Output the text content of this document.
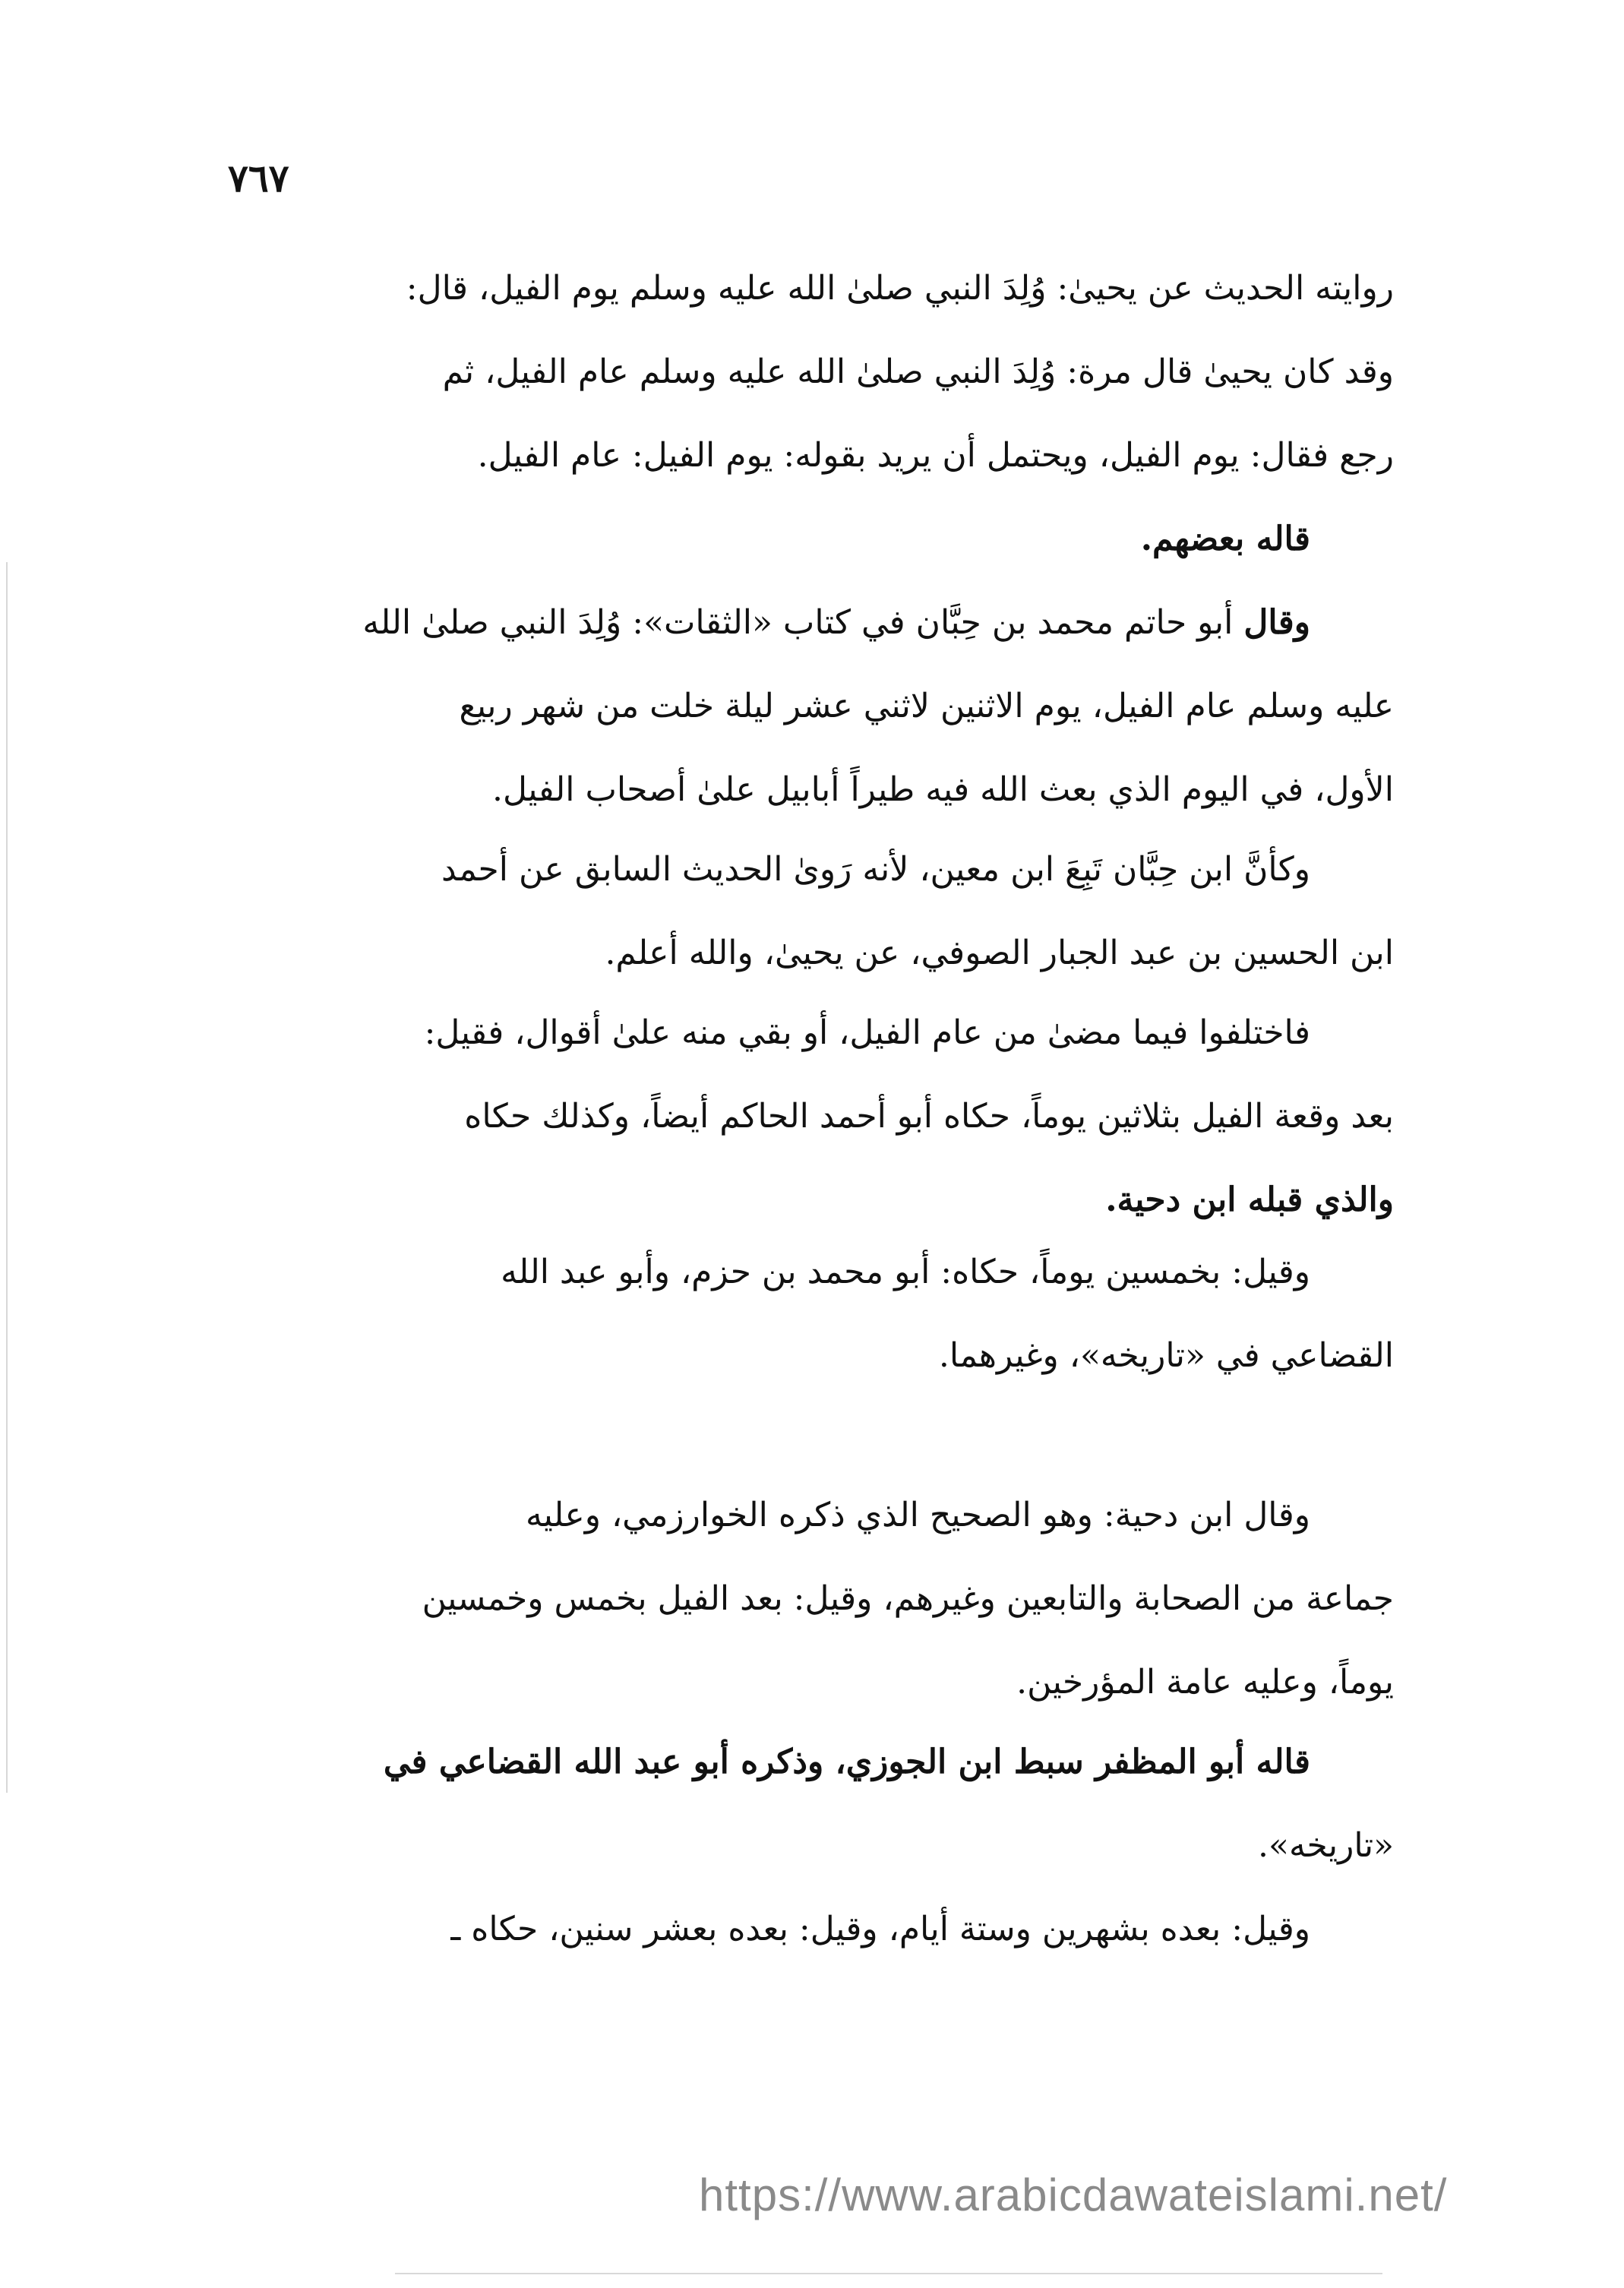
٧٦٧
روايته الحديث عن يحيىٰ: وُلِدَ النبي صلىٰ الله عليه وسلم يوم الفيل، قال:
وقد كان يحيىٰ قال مرة: وُلِدَ النبي صلىٰ الله عليه وسلم عام الفيل، ثم
رجع فقال: يوم الفيل، ويحتمل أن يريد بقوله: يوم الفيل: عام الفيل.
قاله بعضهم.
وقال أبو حاتم محمد بن حِبَّان في كتاب «الثقات»: وُلِدَ النبي صلىٰ الله
عليه وسلم عام الفيل، يوم الاثنين لاثني عشر ليلة خلت من شهر ربيع
الأول، في اليوم الذي بعث الله فيه طيراً أبابيل علىٰ أصحاب الفيل.
وكأنَّ ابن حِبَّان تَبِعَ ابن معين، لأنه رَوىٰ الحديث السابق عن أحمد
ابن الحسين بن عبد الجبار الصوفي، عن يحيىٰ، والله أعلم.
فاختلفوا فيما مضىٰ من عام الفيل، أو بقي منه علىٰ أقوال، فقيل:
بعد وقعة الفيل بثلاثين يوماً، حكاه أبو أحمد الحاكم أيضاً، وكذلك حكاه
والذي قبله ابن دحية.
وقيل: بخمسين يوماً، حكاه: أبو محمد بن حزم، وأبو عبد الله
القضاعي في «تاريخه»، وغيرهما.
وقال ابن دحية: وهو الصحيح الذي ذكره الخوارزمي، وعليه
جماعة من الصحابة والتابعين وغيرهم، وقيل: بعد الفيل بخمس وخمسين
يوماً، وعليه عامة المؤرخين.
قاله أبو المظفر سبط ابن الجوزي، وذكره أبو عبد الله القضاعي في
«تاريخه».
وقيل: بعده بشهرين وستة أيام، وقيل: بعده بعشر سنين، حكاه ـ
https://www.arabicdawateislami.net/
